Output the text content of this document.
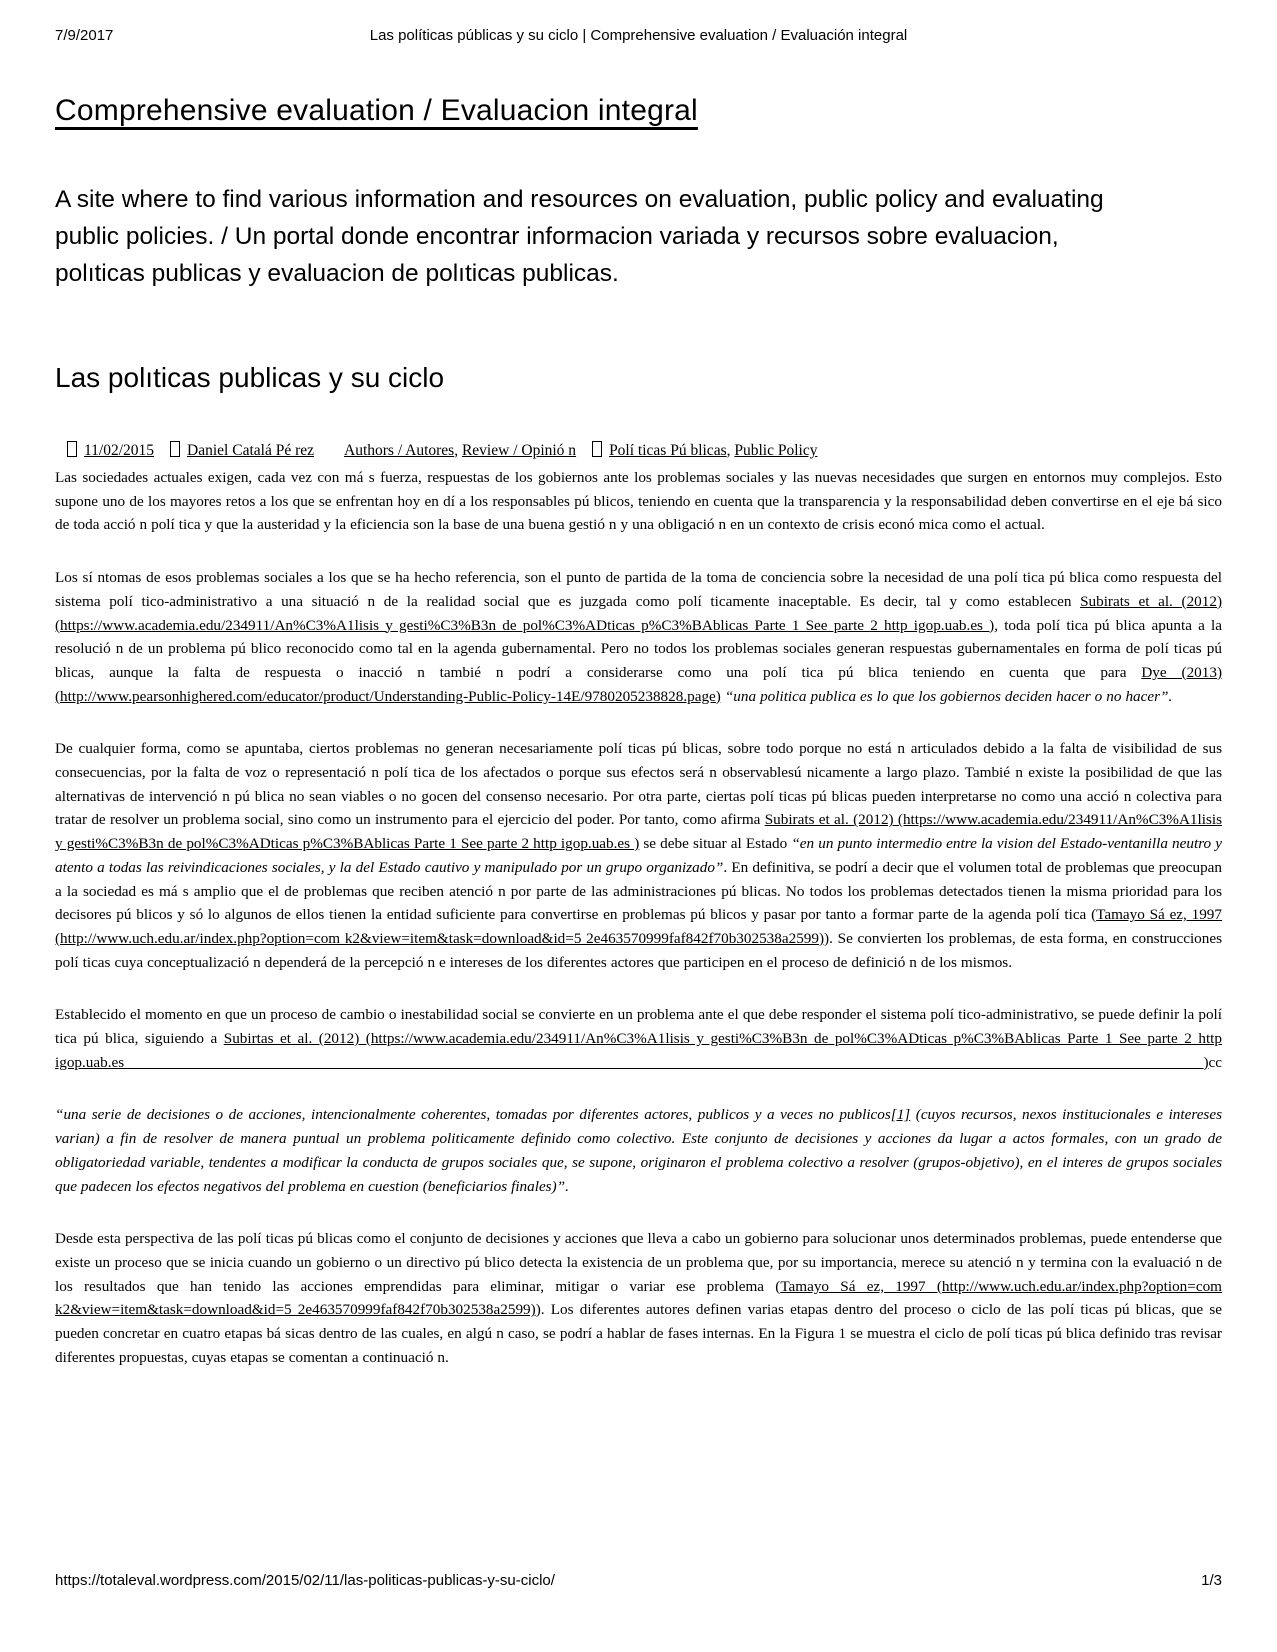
7/9/2017	Las políticas públicas y su ciclo | Comprehensive evaluation / Evaluación integral
Comprehensive evaluation / Evaluacion integral

A site where to find various information and resources on evaluation, public policy and evaluating public policies. / Un portal donde encontrar informacion variada y recursos sobre evaluacion, polıticas publicas y evaluacion de polıticas publicas.

Las polıticas publicas y su ciclo
11/02/2015 Daniel Catalá Pé rez Authors / Autores, Review / Opinió n Polí ticas Pú blicas, Public Policy

Las sociedades actuales exigen, cada vez con má s fuerza, respuestas de los gobiernos ante los problemas sociales y las nuevas necesidades que surgen en entornos muy complejos. Esto supone uno de los mayores retos a los que se enfrentan hoy en dí a los responsables pú blicos, teniendo en cuenta que la transparencia y la responsabilidad deben convertirse en el eje bá sico de toda acció n polí tica y que la austeridad y la eficiencia son la base de una buena gestió n y una obligació n en un contexto de crisis econó mica como el actual.

Los sí ntomas de esos problemas sociales a los que se ha hecho referencia, son el punto de partida de la toma de conciencia sobre la necesidad de una polí tica pú blica como respuesta del sistema polí tico-administrativo a una situació n de la realidad social que es juzgada como polí ticamente inaceptable. Es decir, tal y como establecen Subirats et al. (2012) (https://www.academia.edu/234911/An%C3%A1lisis y gesti%C3%B3n de pol%C3%ADticas p%C3%BAblicas Parte 1 See parte 2 http igop.uab.es ), toda polí tica pú blica apunta a la resolució n de un problema pú blico reconocido como tal en la agenda gubernamental. Pero no todos los problemas sociales generan respuestas gubernamentales en forma de polí ticas pú blicas, aunque la falta de respuesta o inacció n tambié n podrí a considerarse como una polí tica pú blica teniendo en cuenta que para Dye (2013) (http://www.pearsonhighered.com/educator/product/Understanding-Public-Policy-14E/9780205238828.page) “una politica publica es lo que los gobiernos deciden hacer o no hacer”.

De cualquier forma, como se apuntaba, ciertos problemas no generan necesariamente polí ticas pú blicas, sobre todo porque no está n articulados debido a la falta de visibilidad de sus consecuencias, por la falta de voz o representació n polí tica de los afectados o porque sus efectos será n observablesú nicamente a largo plazo. Tambié n existe la posibilidad de que las alternativas de intervenció n pú blica no sean viables o no gocen del consenso necesario. Por otra parte, ciertas polí ticas pú blicas pueden interpretarse no como una acció n colectiva para tratar de resolver un problema social, sino como un instrumento para el ejercicio del poder. Por tanto, como afirma Subirats et al. (2012) (https://www.academia.edu/234911/An%C3%A1lisis y gesti%C3%B3n de pol%C3%ADticas p%C3%BAblicas Parte 1 See parte 2 http igop.uab.es ) se debe situar al Estado “en un punto intermedio entre la vision del Estado-ventanilla neutro y atento a todas las reivindicaciones sociales, y la del Estado cautivo y manipulado por un grupo organizado”. En definitiva, se podrí a decir que el volumen total de problemas que preocupan a la sociedad es má s amplio que el de problemas que reciben atenció n por parte de las administraciones pú blicas. No todos los problemas detectados tienen la misma prioridad para los decisores pú blicos y só lo algunos de ellos tienen la entidad suficiente para convertirse en problemas pú blicos y pasar por tanto a formar parte de la agenda polí tica (Tamayo Sá ez, 1997 (http://www.uch.edu.ar/index.php?option=com k2&view=item&task=download&id=5 2e463570999faf842f70b302538a2599)). Se convierten los problemas, de esta forma, en construcciones polí ticas cuya conceptualizació n dependerá de la percepció n e intereses de los diferentes actores que participen en el proceso de definició n de los mismos.

Establecido el momento en que un proceso de cambio o inestabilidad social se convierte en un problema ante el que debe responder el sistema polí tico-administrativo, se puede definir la polí tica pú blica, siguiendo a Subirtas et al. (2012) (https://www.academia.edu/234911/An%C3%A1lisis y gesti%C3%B3n de pol%C3%ADticas p%C3%BAblicas Parte 1 See parte 2 http igop.uab.es )cc

“una serie de decisiones o de acciones, intencionalmente coherentes, tomadas por diferentes actores, publicos y a veces no publicos[1] (cuyos recursos, nexos institucionales e intereses varian) a fin de resolver de manera puntual un problema politicamente definido como colectivo. Este conjunto de decisiones y acciones da lugar a actos formales, con un grado de obligatoriedad variable, tendentes a modificar la conducta de grupos sociales que, se supone, originaron el problema colectivo a resolver (grupos-objetivo), en el interes de grupos sociales que padecen los efectos negativos del problema en cuestion (beneficiarios finales)”.

Desde esta perspectiva de las polí ticas pú blicas como el conjunto de decisiones y acciones que lleva a cabo un gobierno para solucionar unos determinados problemas, puede entenderse que existe un proceso que se inicia cuando un gobierno o un directivo pú blico detecta la existencia de un problema que, por su importancia, merece su atenció n y termina con la evaluació n de los resultados que han tenido las acciones emprendidas para eliminar, mitigar o variar ese problema (Tamayo Sá ez, 1997 (http://www.uch.edu.ar/index.php?option=com k2&view=item&task=download&id=5 2e463570999faf842f70b302538a2599)). Los diferentes autores definen varias etapas dentro del proceso o ciclo de las polí ticas pú blicas, que se pueden concretar en cuatro etapas bá sicas dentro de las cuales, en algú n caso, se podrí a hablar de fases internas. En la Figura 1 se muestra el ciclo de polí ticas pú blica definido tras revisar diferentes propuestas, cuyas etapas se comentan a continuació n.

https://totaleval.wordpress.com/2015/02/11/las-politicas-publicas-y-su-ciclo/	1/3
